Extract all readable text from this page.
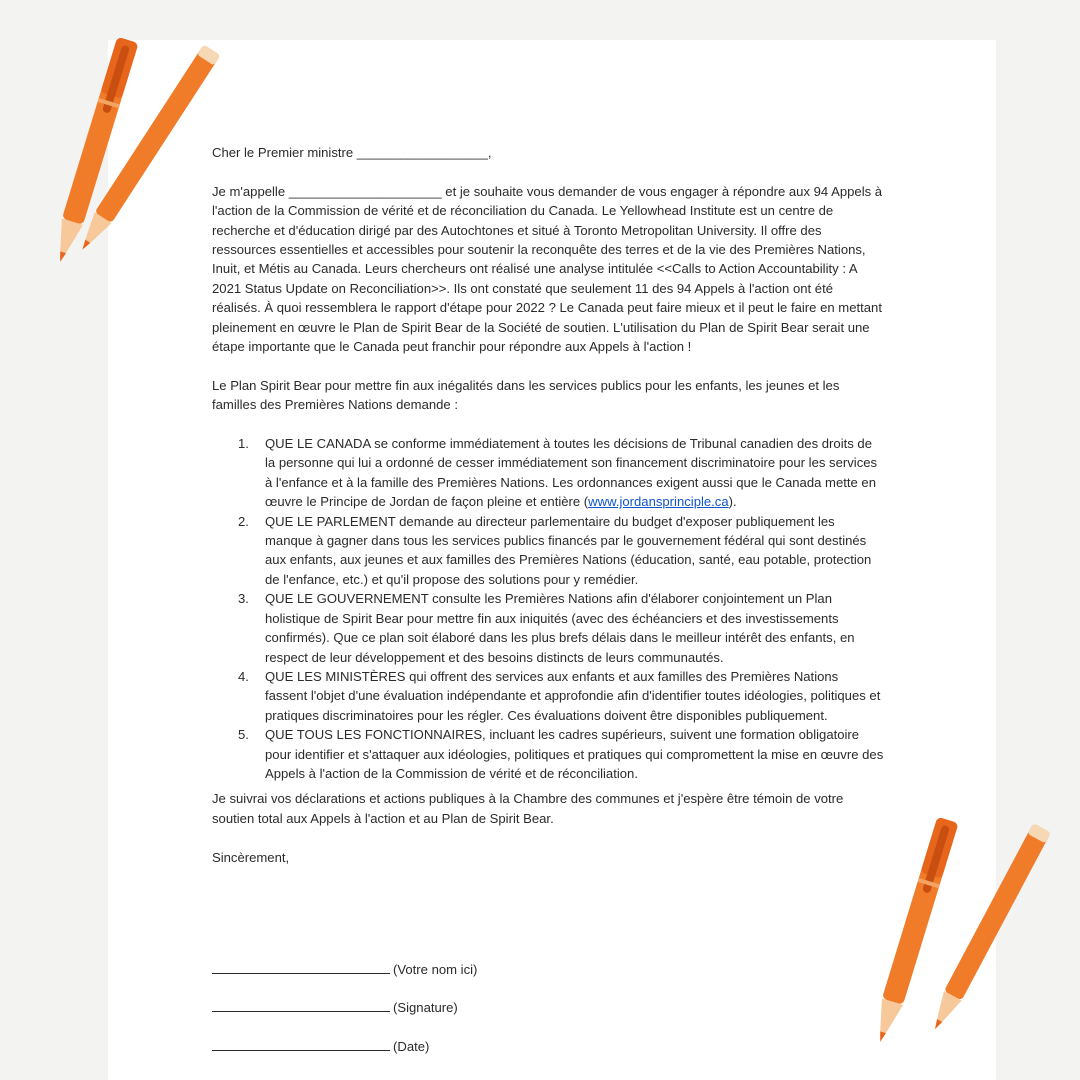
Cher le Premier ministre __________________,

Je m'appelle _____________________ et je souhaite vous demander de vous engager à répondre aux 94 Appels à l'action de la Commission de vérité et de réconciliation du Canada. Le Yellowhead Institute est un centre de recherche et d'éducation dirigé par des Autochtones et situé à Toronto Metropolitan University. Il offre des ressources essentielles et accessibles pour soutenir la reconquête des terres et de la vie des Premières Nations, Inuit, et Métis au Canada. Leurs chercheurs ont réalisé une analyse intitulée <<Calls to Action Accountability : A 2021 Status Update on Reconciliation>>. Ils ont constaté que seulement 11 des 94 Appels à l'action ont été réalisés. À quoi ressemblera le rapport d'étape pour 2022 ? Le Canada peut faire mieux et il peut le faire en mettant pleinement en œuvre le Plan de Spirit Bear de la Société de soutien. L'utilisation du Plan de Spirit Bear serait une étape importante que le Canada peut franchir pour répondre aux Appels à l'action !

Le Plan Spirit Bear pour mettre fin aux inégalités dans les services publics pour les enfants, les jeunes et les familles des Premières Nations demande :

1. QUE LE CANADA se conforme immédiatement à toutes les décisions de Tribunal canadien des droits de la personne qui lui a ordonné de cesser immédiatement son financement discriminatoire pour les services à l'enfance et à la famille des Premières Nations. Les ordonnances exigent aussi que le Canada mette en œuvre le Principe de Jordan de façon pleine et entière (www.jordansprinciple.ca).
2. QUE LE PARLEMENT demande au directeur parlementaire du budget d'exposer publiquement les manque à gagner dans tous les services publics financés par le gouvernement fédéral qui sont destinés aux enfants, aux jeunes et aux familles des Premières Nations (éducation, santé, eau potable, protection de l'enfance, etc.) et qu'il propose des solutions pour y remédier.
3. QUE LE GOUVERNEMENT consulte les Premières Nations afin d'élaborer conjointement un Plan holistique de Spirit Bear pour mettre fin aux iniquités (avec des échéanciers et des investissements confirmés). Que ce plan soit élaboré dans les plus brefs délais dans le meilleur intérêt des enfants, en respect de leur développement et des besoins distincts de leurs communautés.
4. QUE LES MINISTÈRES qui offrent des services aux enfants et aux familles des Premières Nations fassent l'objet d'une évaluation indépendante et approfondie afin d'identifier toutes idéologies, politiques et pratiques discriminatoires pour les régler. Ces évaluations doivent être disponibles publiquement.
5. QUE TOUS LES FONCTIONNAIRES, incluant les cadres supérieurs, suivent une formation obligatoire pour identifier et s'attaquer aux idéologies, politiques et pratiques qui compromettent la mise en œuvre des Appels à l'action de la Commission de vérité et de réconciliation.

Je suivrai vos déclarations et actions publiques à la Chambre des communes et j'espère être témoin de votre soutien total aux Appels à l'action et au Plan de Spirit Bear.

Sincèrement,

(Votre nom ici)
(Signature)
(Date)
